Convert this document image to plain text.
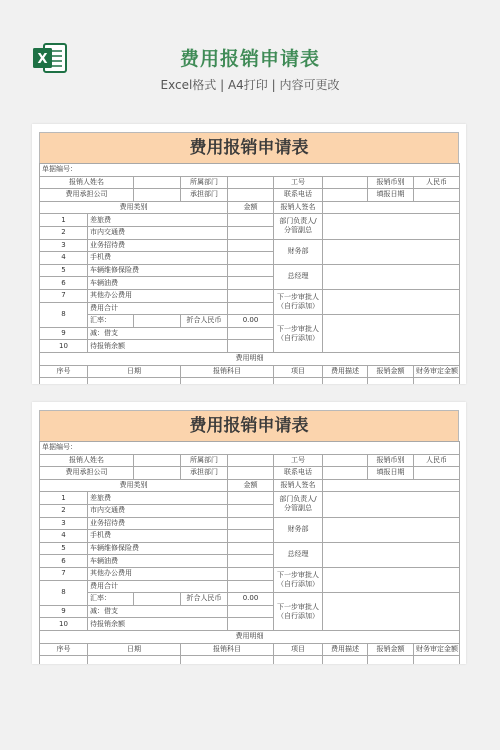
X	费用报销申请表
Excel格式 | A4打印 | 内容可更改
费用报销申请表
单据编号：								
报销人姓名			所属部门		工号		报销币别	人民币
费用承担公司			承担部门		联系电话		填报日期	
费用类别				金额	报销人签名			
1	差旅费				部门负责人/分管副总			
2	市内交通费							
3	业务招待费				财务部			
4	手机费							
5	车辆维修保险费				总经理			
6	车辆油费							
7	其他办公费用				下一步审批人（自行添加）			
8	费用合计							
	汇率：		折合人民币	0.00	下一步审批人（自行添加）			
9	减：借支							
10	待报销余额							
费用明细								
序号	日期		报销科目		项目	费用描述	报销金额	财务审定金额

费用报销申请表
单据编号：								
报销人姓名			所属部门		工号		报销币别	人民币
费用承担公司			承担部门		联系电话		填报日期	
费用类别				金额	报销人签名			
1	差旅费				部门负责人/分管副总			
2	市内交通费							
3	业务招待费				财务部			
4	手机费							
5	车辆维修保险费				总经理			
6	车辆油费							
7	其他办公费用				下一步审批人（自行添加）			
8	费用合计							
	汇率：		折合人民币	0.00	下一步审批人（自行添加）			
9	减：借支							
10	待报销余额							
费用明细								
序号	日期		报销科目		项目	费用描述	报销金额	财务审定金额
